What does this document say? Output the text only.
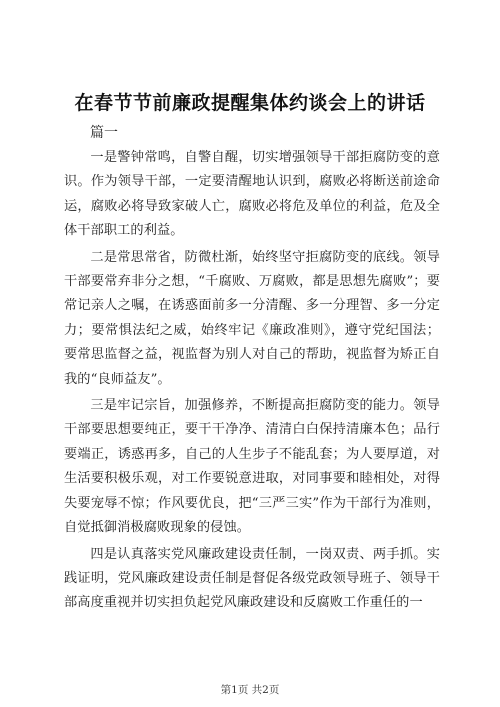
在春节节前廉政提醒集体约谈会上的讲话
篇一

一是警钟常鸣，自警自醒，切实增强领导干部拒腐防变的意识。作为领导干部，一定要清醒地认识到，腐败必将断送前途命运，腐败必将导致家破人亡，腐败必将危及单位的利益，危及全体干部职工的利益。

二是常思常省，防微杜渐，始终坚守拒腐防变的底线。领导干部要常弃非分之想，“千腐败、万腐败，都是思想先腐败”；要常记亲人之嘱，在诱惑面前多一分清醒、多一分理智、多一分定力；要常惧法纪之威，始终牢记《廉政准则》，遵守党纪国法；要常思监督之益，视监督为别人对自己的帮助，视监督为矫正自我的“良师益友”。

三是牢记宗旨，加强修养，不断提高拒腐防变的能力。领导干部要思想要纯正，要干干净净、清清白白保持清廉本色；品行要端正，诱惑再多，自己的人生步子不能乱套；为人要厚道，对生活要积极乐观，对工作要锐意进取，对同事要和睦相处，对得失要宠辱不惊；作风要优良，把“三严三实”作为干部行为准则，自觉抵御消极腐败现象的侵蚀。

四是认真落实党风廉政建设责任制，一岗双责、两手抓。实践证明，党风廉政建设责任制是督促各级党政领导班子、领导干部高度重视并切实担负起党风廉政建设和反腐败工作重任的一

第1页 共2页
